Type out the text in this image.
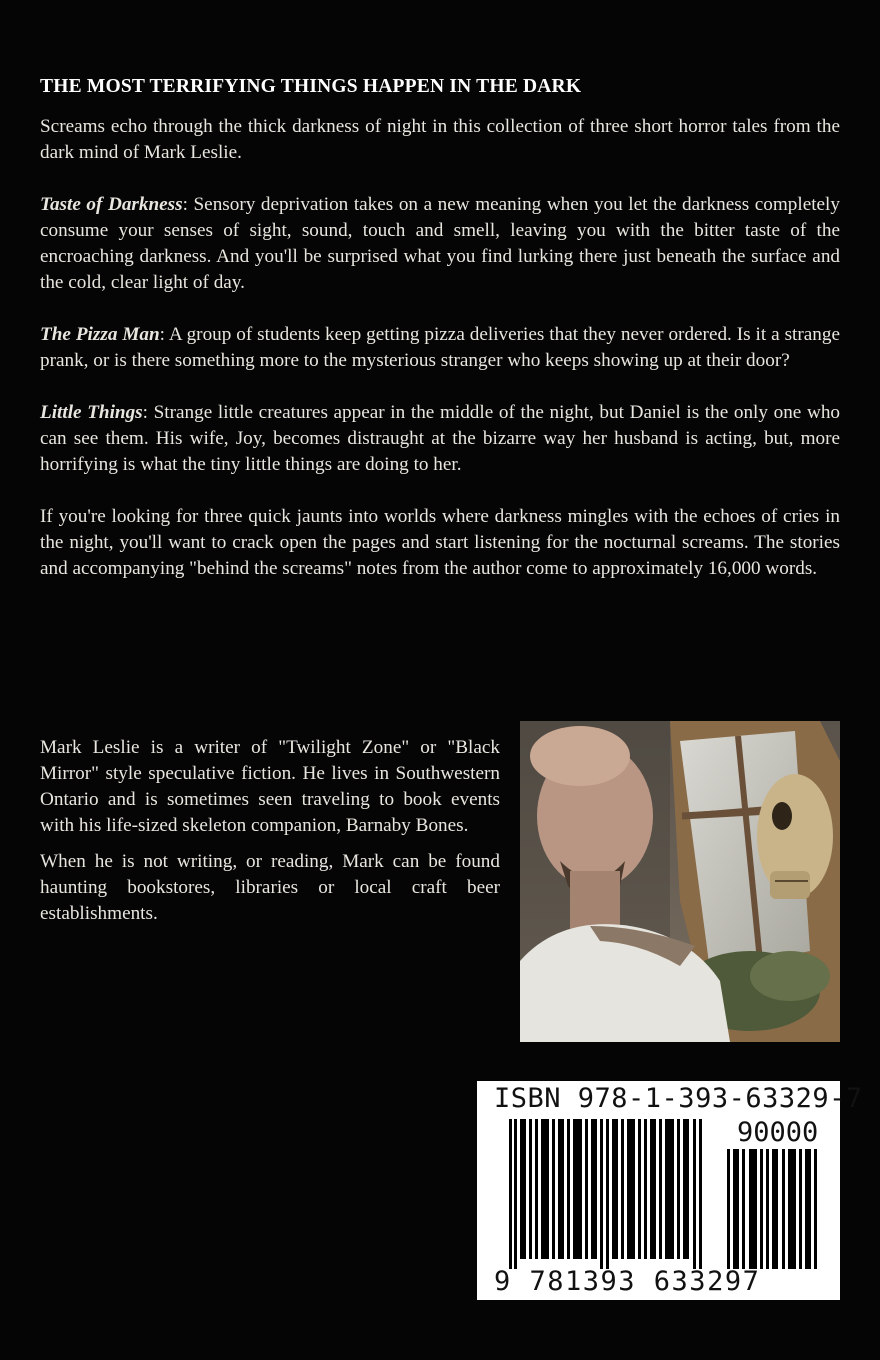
THE MOST TERRIFYING THINGS HAPPEN IN THE DARK

Screams echo through the thick darkness of night in this collection of three short horror tales from the dark mind of Mark Leslie.

Taste of Darkness: Sensory deprivation takes on a new meaning when you let the darkness completely consume your senses of sight, sound, touch and smell, leaving you with the bitter taste of the encroaching darkness. And you'll be surprised what you find lurking there just beneath the surface and the cold, clear light of day.

The Pizza Man: A group of students keep getting pizza deliveries that they never ordered. Is it a strange prank, or is there something more to the mysterious stranger who keeps showing up at their door?

Little Things: Strange little creatures appear in the middle of the night, but Daniel is the only one who can see them. His wife, Joy, becomes distraught at the bizarre way her husband is acting, but, more horrifying is what the tiny little things are doing to her.

If you're looking for three quick jaunts into worlds where darkness mingles with the echoes of cries in the night, you'll want to crack open the pages and start listening for the nocturnal screams. The stories and accompanying "behind the screams" notes from the author come to approximately 16,000 words.

Mark Leslie is a writer of "Twilight Zone" or "Black Mirror" style speculative fiction. He lives in Southwestern Ontario and is sometimes seen traveling to book events with his life-sized skeleton companion, Barnaby Bones.

When he is not writing, or reading, Mark can be found haunting bookstores, libraries or local craft beer establishments.

ISBN 978-1-393-63329-7
90000
9 781393 633297
